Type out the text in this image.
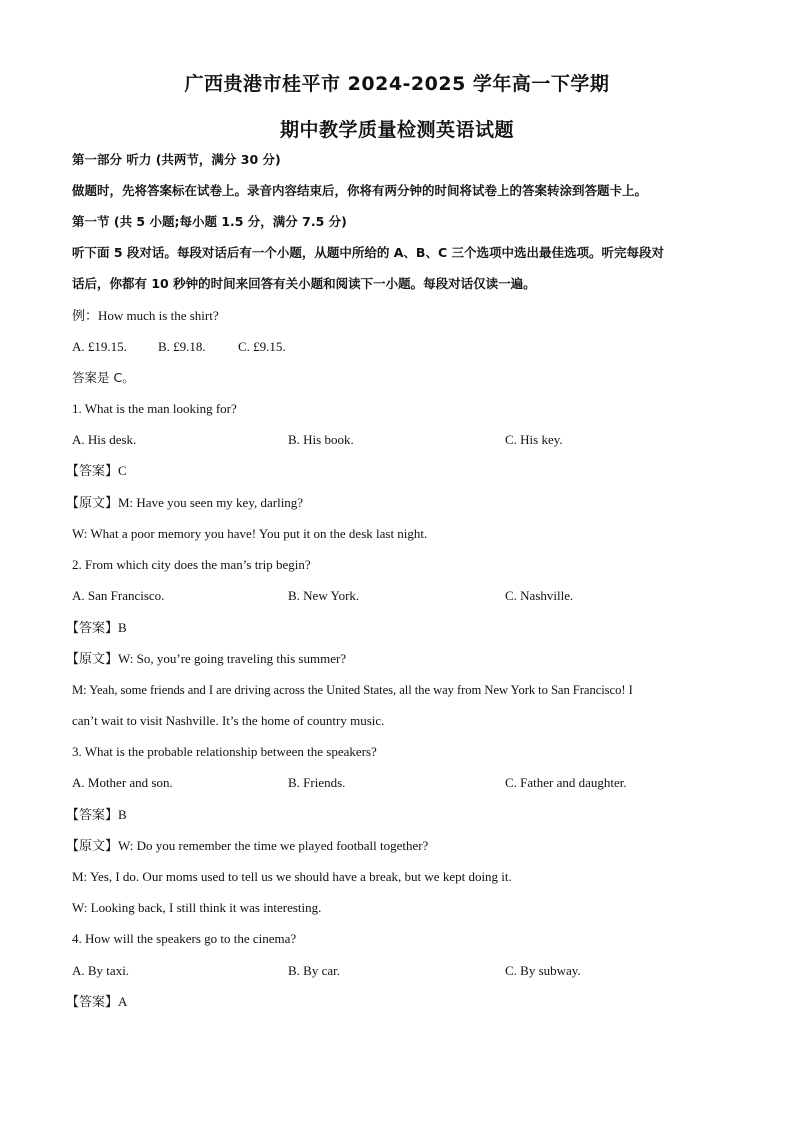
广西贵港市桂平市 2024-2025 学年高一下学期
期中教学质量检测英语试题
第一部分 听力 (共两节，满分 30 分)
做题时，先将答案标在试卷上。录音内容结束后，你将有两分钟的时间将试卷上的答案转涂到答题卡上。
第一节 (共 5 小题;每小题 1.5 分，满分 7.5 分)
听下面 5 段对话。每段对话后有一个小题，从题中所给的 A、B、C 三个选项中选出最佳选项。听完每段对
话后，你都有 10 秒钟的时间来回答有关小题和阅读下一小题。每段对话仅读一遍。
例：How much is the shirt?
A. £19.15. B. £9.18. C. £9.15.
答案是 C。
1. What is the man looking for?
A. His desk.	B. His book.	C. His key.
【答案】C
【原文】M: Have you seen my key, darling?
W: What a poor memory you have! You put it on the desk last night.
2. From which city does the man’s trip begin?
A. San Francisco.	B. New York.	C. Nashville.
【答案】B
【原文】W: So, you’re going traveling this summer?
M: Yeah, some friends and I are driving across the United States, all the way from New York to San Francisco! I
can’t wait to visit Nashville. It’s the home of country music.
3. What is the probable relationship between the speakers?
A. Mother and son.	B. Friends.	C. Father and daughter.
【答案】B
【原文】W: Do you remember the time we played football together?
M: Yes, I do. Our moms used to tell us we should have a break, but we kept doing it.
W: Looking back, I still think it was interesting.
4. How will the speakers go to the cinema?
A. By taxi.	B. By car.	C. By subway.
【答案】A
